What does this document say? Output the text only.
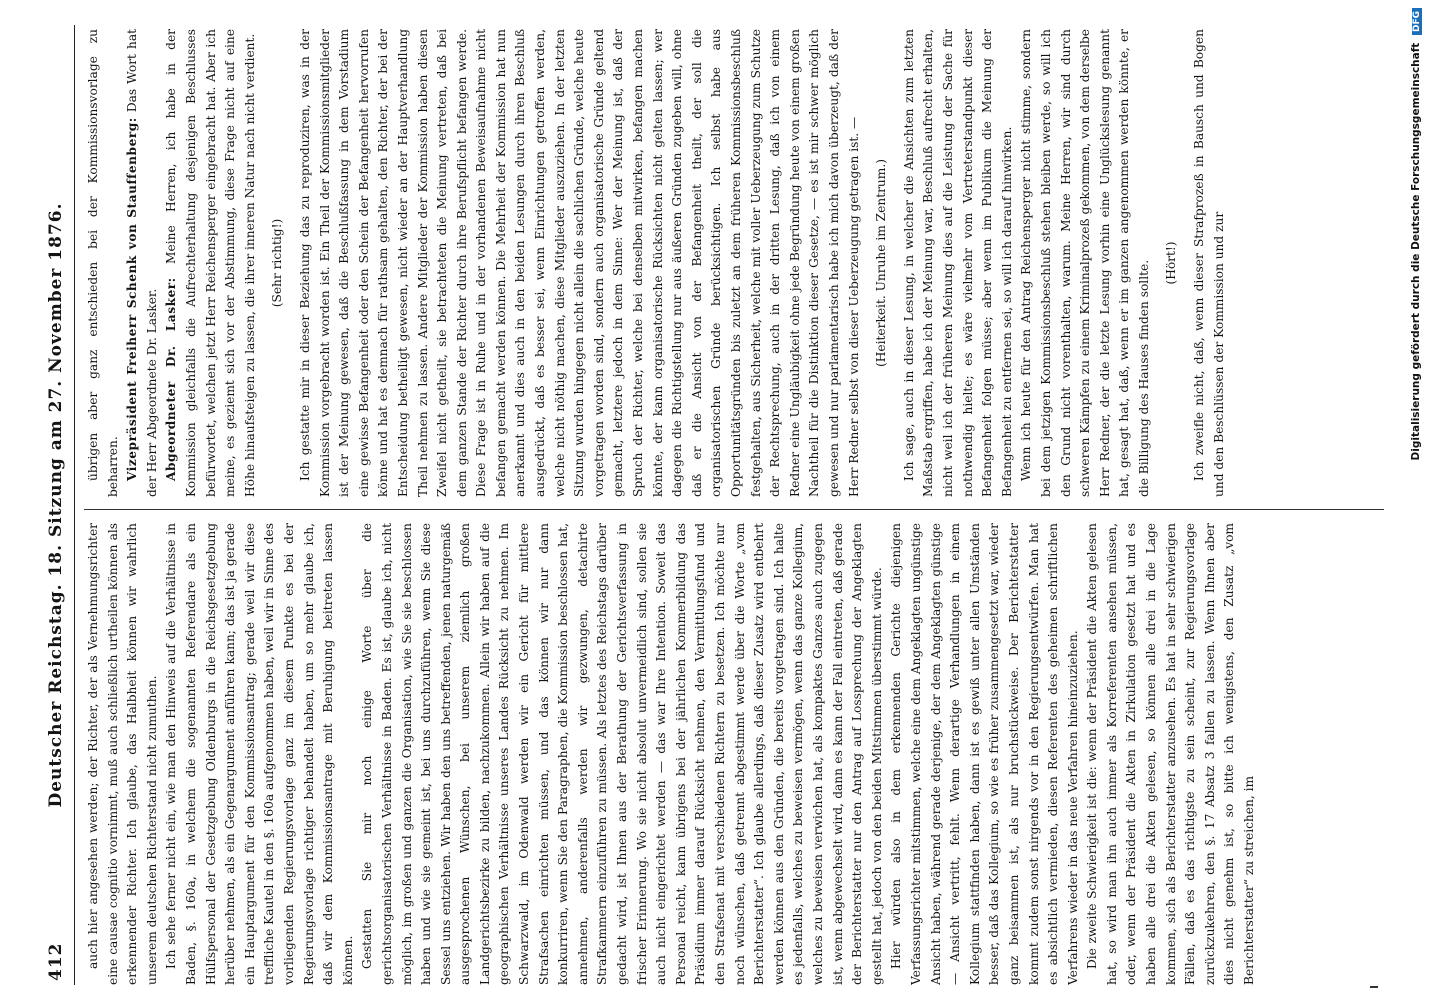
412
Deutscher Reichstag. 18. Sitzung am 27. November 1876. auch hier angesehen werden; der Richter, der als Vernehmungsrichter eine causae cognitio vornimmt, muß auch schließlich urtheilen können als erkennender Richter. Ich glaube, das Halbheit können wir wahrlich unserem deutschen Richterstand nicht zumuthen. Ich sehe ferner nicht ein, wie man den Hinweis auf die Verhältnisse in Baden, §. 160a, in welchem die sogenannten Referendare als ein Hülfspersonal der Gesetzgebung Oldenburgs in die Reichsgesetzgebung herüber nehmen, als ein Gegenargument anführen kann; das ist ja gerade ein Hauptargument für den Kommissionsantrag; gerade weil wir diese treffliche Kautel in den §. 160a aufgenommen haben, weil wir in Sinne des vorliegenden Regierungsvorlage ganz im diesem Punkte es bei der Regierungsvorlage richtiger behandelt haben, um so mehr glaube ich, daß wir dem Kommissionsantrage mit Beruhigung beitreten lassen können. Gestatten Sie mir noch einige Worte über die gerichtsorganisatorischen Verhältnisse in Baden. Es ist, glaube ich, nicht möglich, im großen und ganzen die Organisation, wie Sie sie beschlossen haben und wie sie gemeint ist, bei uns durchzuführen, wenn Sie diese Sessel uns entziehen. Wir haben den uns betreffenden, jenen naturgemäß ausgesprochenen Wünschen, bei unserem ziemlich großen Landgerichtsbezirke zu bilden, nachzukommen. Allein wir haben auf die geographischen Verhältnisse unseres Landes Rücksicht zu nehmen. Im Schwarzwald, im Odenwald werden wir ein Gericht für mittlere Strafsachen einrichten müssen, und das können wir nur dann konkurriren, wenn Sie den Paragraphen, die Kommission beschlossen hat, annehmen, anderenfalls werden wir gezwungen, detachirte Strafkammern einzuführen zu müssen. Als letztes des Reichstags darüber gedacht wird, ist Ihnen aus der Berathung der Gerichtsverfassung in frischer Erinnerung. Wo sie nicht absolut unvermeidlich sind, sollen sie auch nicht eingerichtet werden — das war Ihre Intention. Soweit das Personal reicht, kann übrigens bei der jährlichen Kommerbildung das Präsidium immer darauf Rücksicht nehmen, den Vermittlungsfund und den Strafsenat mit verschiedenen Richtern zu besetzen. Ich möchte nur noch wünschen, daß getrennt abgestimmt werde über die Worte „vom Berichterstatter“. Ich glaube allerdings, daß dieser Zusatz wird entbehrt werden können aus den Gründen, die bereits vorgetragen sind. Ich halte es jedenfalls, welches zu beweisen vermögen, wenn das ganze Kollegium, welches zu beweisen verwichen hat, als kompaktes Ganzes auch zugegen ist, wenn abgewechselt wird, dann es kann der Fall eintreten, daß gerade der Berichterstatter nur den Antrag auf Lossprechung der Angeklagten gestellt hat, jedoch von den beiden Mitstimmen überstimmt würde. Hier würden also in dem erkennenden Gerichte diejenigen Verfassungsrichter mitstimmen, welche eine dem Angeklagten ungünstige Ansicht haben, während gerade derjenige, der dem Angeklagten günstige — Ansicht vertritt, fehlt. Wenn derartige Verhandlungen in einem Kollegium stattfinden haben, dann ist es gewiß unter allen Umständen besser, daß das Kollegium, so wie es früher zusammengesetzt war, wieder ganz beisammen ist, als nur bruchstückweise. Der Berichterstatter kommt zudem sonst nirgends vor in den Regierungsentwürfen. Man hat es absichtlich vermieden, diesen Referenten des geheimen schriftlichen Verfahrens wieder in das neue Verfahren hineinzuziehen. Die zweite Schwierigkeit ist die: wenn der Präsident die Akten gelesen hat, so wird man ihn auch immer als Korreferenten ansehen müssen, oder, wenn der Präsident die Akten in Zirkulation gesetzt hat und es haben alle drei die Akten gelesen, so können alle drei in die Lage kommen, sich als Berichterstatter anzusehen. Es hat in sehr schwierigen Fällen, daß es das richtigste zu sein scheint, zur Regierungsvorlage zurückzukehren, den §. 17 Absatz 3 fallen zu lassen. Wenn Ihnen aber dies nicht genehm ist, so bitte ich wenigstens, den Zusatz „vom Berichterstatter“ zu streichen, im

übrigen aber ganz entschieden bei der Kommissionsvorlage zu beharren. Vizepräsident Freiherr Schenk von Stauffenberg: Das Wort hat der Herr Abgeordnete Dr. Lasker. Abgeordneter Dr. Lasker: Meine Herren, ich habe in der Kommission gleichfalls die Aufrechterhaltung desjenigen Beschlusses befürwortet, welchen jetzt Herr Reichensperger eingebracht hat. Aber ich meine, es geziemt sich vor der Abstimmung, diese Frage nicht auf eine Höhe hinaufsteigen zu lassen, die ihrer inneren Natur nach nicht verdient. (Sehr richtig!) Ich gestatte mir in dieser Beziehung das zu reproduziren, was in der Kommission vorgebracht worden ist. Ein Theil der Kommissionsmitglieder ist der Meinung gewesen, daß die Beschlußfassung in dem Vorstadium eine gewisse Befangenheit oder den Schein der Befangenheit hervorrufen könne und hat es demnach für rathsam gehalten, den Richter, der bei der Entscheidung betheiligt gewesen, nicht wieder an der Hauptverhandlung Theil nehmen zu lassen. Andere Mitglieder der Kommission haben diesen Zweifel nicht getheilt, sie betrachteten die Meinung vertreten, daß bei dem ganzen Stande der Richter durch ihre Berufspflicht befangen werde. Diese Frage ist in Ruhe und in der vorhandenen Beweisaufnahme nicht befangen gemacht werden können. Die Mehrheit der Kommission hat nun anerkannt und dies auch in den beiden Lesungen durch ihren Beschluß ausgedrückt, daß es besser sei, wenn Einrichtungen getroffen werden, welche nicht nöthig machen, diese Mitglieder auszuziehen. In der letzten Sitzung wurden hingegen nicht allein die sachlichen Gründe, welche heute vorgetragen worden sind, sondern auch organisatorische Gründe geltend gemacht, letztere jedoch in dem Sinne: Wer der Meinung ist, daß der Spruch der Richter, welche bei denselben mitwirken, befangen machen könnte, der kann organisatorische Rücksichten nicht gelten lassen; wer dagegen die Richtigstellung nur aus äußeren Gründen zugeben will, ohne daß er die Ansicht von der Befangenheit theilt, der soll die organisatorischen Gründe berücksichtigen. Ich selbst habe aus Opportunitätsgründen bis zuletzt an dem früheren Kommissionsbeschluß festgehalten, aus Sicherheit, welche mit voller Ueberzeugung zum Schutze der Rechtsprechung, auch in der dritten Lesung, daß ich von einem Redner eine Ungläubigkeit ohne jede Begründung heute von einem großen Nachtheil für die Distinktion dieser Gesetze, — es ist mir schwer möglich gewesen und nur parlamentarisch habe ich mich davon überzeugt, daß der Herr Redner selbst von dieser Ueberzeugung getragen ist. — (Heiterkeit. Unruhe im Zentrum.) Ich sage, auch in dieser Lesung, in welcher die Ansichten zum letzten Maßstab ergriffen, habe ich der Meinung war, Beschluß aufrecht erhalten, nicht weil ich der früheren Meinung dies auf die Leistung der Sache für nothwendig hielte; es wäre vielmehr vom Vertreterstandpunkt dieser Befangenheit folgen müsse; aber wenn im Publikum die Meinung der Befangenheit zu entfernen sei, so will ich darauf hinwirken. Wenn ich heute für den Antrag Reichensperger nicht stimme, sondern bei dem jetzigen Kommissionsbeschluß stehen bleiben werde, so will ich den Grund nicht vorenthalten, warum. Meine Herren, wir sind durch schweren Kämpfen zu einem Kriminalprozeß gekommen, von dem derselbe Herr Redner, der die letzte Lesung vorhin eine Unglückslesung genannt hat, gesagt hat, daß, wenn er im ganzen angenommen werden könnte, er die Billigung des Hauses finden sollte. (Hört!) Ich zweifle nicht, daß, wenn dieser Strafprozeß in Bausch und Bogen und den Beschlüssen der Kommission und zur	Digitalisierung gefördert durch die Deutsche Forschungsgemeinschaft DFG
